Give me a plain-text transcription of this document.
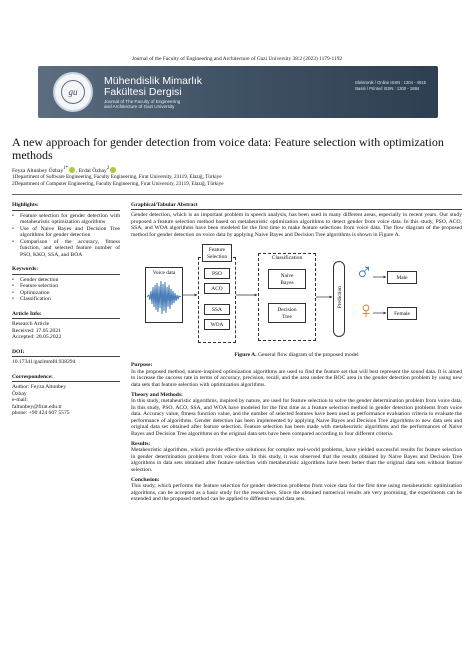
Journal of the Faculty of Engineering and Architecture of Gazi University 38:2 (2023) 1179-1192
gu
Mühendislik Mimarlık
Fakültesi Dergisi
Journal of The Faculty of Engineering
and Architecture of Gazi University
Elektronik / Online ISSN : 1304 - 4915
Basılı / Printed ISSN : 1300 - 1884
A new approach for gender detection from voice data: Feature selection with optimization methods
Feyza Altunbey Özbay$^{1*}$ , Erdal Özbay$^2$
1Department of Software Engineering, Faculty Engineering, Fırat University, 23119, Elazığ, Türkiye
2Department of Computer Engineering, Faculty Engineering, Fırat University, 23119, Elazığ, Türkiye
Highlights:
• Feature selection for gender detection with metaheuristic optimization algorithms
• Use of Naive Bayes and Decision Tree algorithms for gender detection
• Comparison of the accuracy, fitness function, and selected feature number of PSO, KKO, SSA, and BOA
Keywords:
• Gender detection
• Feature selection
• Optimization
• Classification
Article Info:
Research Article
Received: 17.05.2021
Accepted: 20.05.2022
DOI:
10.17341/gazimmfd.938294
Correspondence:
Author: Feyza Altunbey
Özbay
e-mail:
faltunbey@firat.edu.tr
phone: +90 424 607 5575
Graphical/Tabular Abstract

Gender detection, which is an important problem in speech analysis, has been used in many different areas, especially in recent years. Our study proposed a feature selection method based on metaheuristic optimization algorithms to detect gender from voice data. In this study, PSO, ACO, SSA, and WOA algorithms have been modeled for the first time to make feature selections from voice data. The flow diagram of the proposed method for gender detection on voice data by applying Naive Bayes and Decision Tree algorithms is shown in Figure A.

Voice data
Feature
Selection
PSO
ACO
SSA
WOA
Classification
Naive
Bayes
Decision
Tree
Prediction
♂
♀
Male
Female
Figure A. General flow diagram of the proposed model
Purpose:

In the proposed method, nature-inspired optimization algorithms are used to find the feature set that will best represent the sound data. It is aimed to increase the success rate in terms of accuracy, precision, recall, and the area under the ROC area in the gender detection problem by using new data sets that feature selection with optimization algorithms.

Theory and Methods:

In this study, metaheuristic algorithms, inspired by nature, are used for feature selection to solve the gender determination problem from voice data. In this study, PSO, ACO, SSA, and WOA have modeled for the first time as a feature selection method in gender detection problems from voice data. Accuracy value, fitness function value, and the number of selected features have been used as performance evaluation criteria to evaluate the performance of algorithms. Gender detection has been implemented by applying Naive Bayes and Decision Tree algorithms to new data sets and original data set obtained after feature selection. Feature selection has been made with metaheuristic algorithms and the performances of Naive Bayes and Decision Tree algorithms on the original data sets have been compared according to four different criteria.

Results:

Metaheuristic algorithms, which provide effective solutions for complex real-world problems, have yielded successful results for feature selection in gender determination problems from voice data. In this study, it was observed that the results obtained by Naive Bayes and Decision Tree algorithms in data sets obtained after feature selection with metaheuristic algorithms have been better than the original data sets without feature selection.

Conclusion:

This study, which performs the feature selection for gender detection problems from voice data for the first time using metaheuristic optimization algorithms, can be accepted as a basic study for the researchers. Since the obtained numerical results are very promising, the experiments can be extended and the proposed method can be applied to different sound data sets.
